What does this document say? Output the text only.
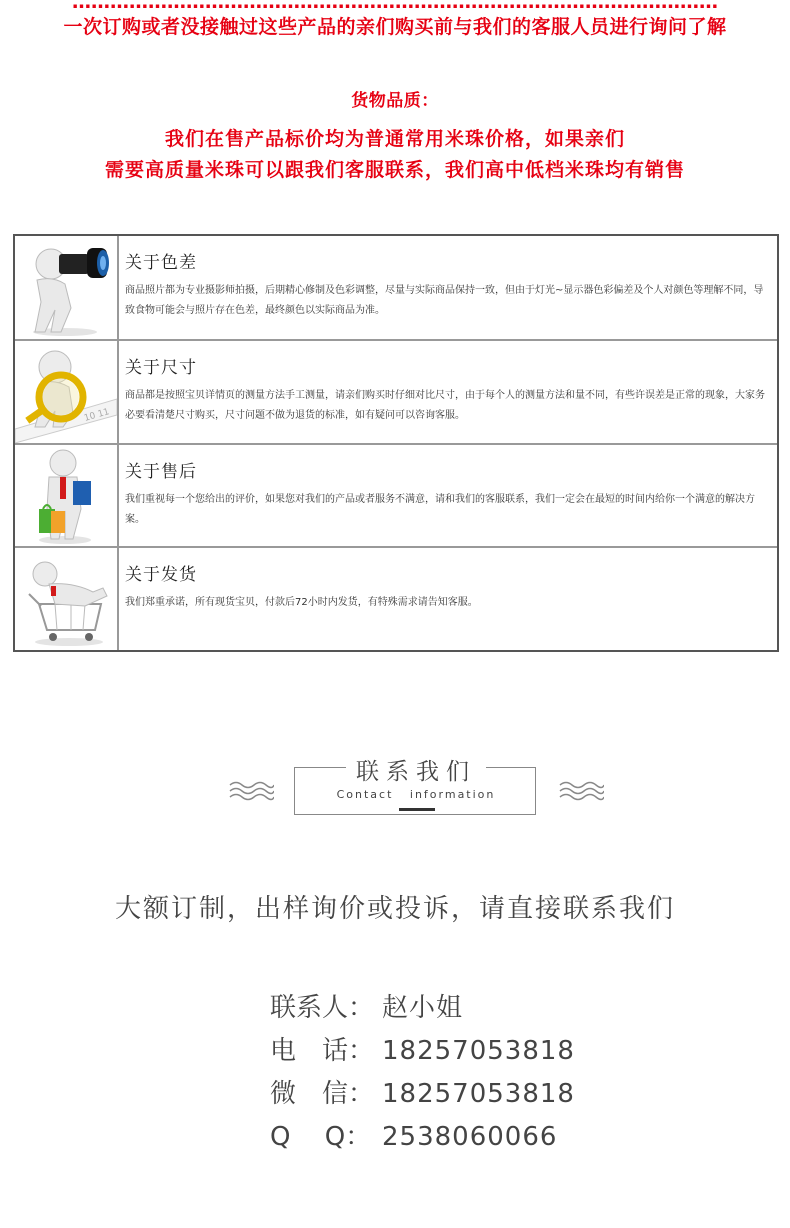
…………………………………………………………………………………………
一次订购或者没接触过这些产品的亲们购买前与我们的客服人员进行询问了解
货物品质：
我们在售产品标价均为普通常用米珠价格，如果亲们
需要高质量米珠可以跟我们客服联系，我们高中低档米珠均有销售
关于色差
商品照片都为专业摄影师拍摄，后期精心修制及色彩调整，尽量与实际商品保持一致，但由于灯光~显示器色彩偏差及个人对颜色等理解不同，导致食物可能会与照片存在色差，最终颜色以实际商品为准。
10 11
关于尺寸
商品都是按照宝贝详情页的测量方法手工测量，请亲们购买时仔细对比尺寸，由于每个人的测量方法和量不同，有些许误差是正常的现象，大家务必要看清楚尺寸购买，尺寸问题不做为退货的标准，如有疑问可以咨询客服。
关于售后
我们重视每一个您给出的评价，如果您对我们的产品或者服务不满意，请和我们的客服联系，我们一定会在最短的时间内给你一个满意的解决方案。
关于发货
我们郑重承诺，所有现货宝贝，付款后72小时内发货，有特殊需求请告知客服。
联系我们
Contact   information
大额订制，出样询价或投诉，请直接联系我们
联系人： 赵小姐
电　话： 18257053818
微　信： 18257053818
Q　 Q： 2538060066
